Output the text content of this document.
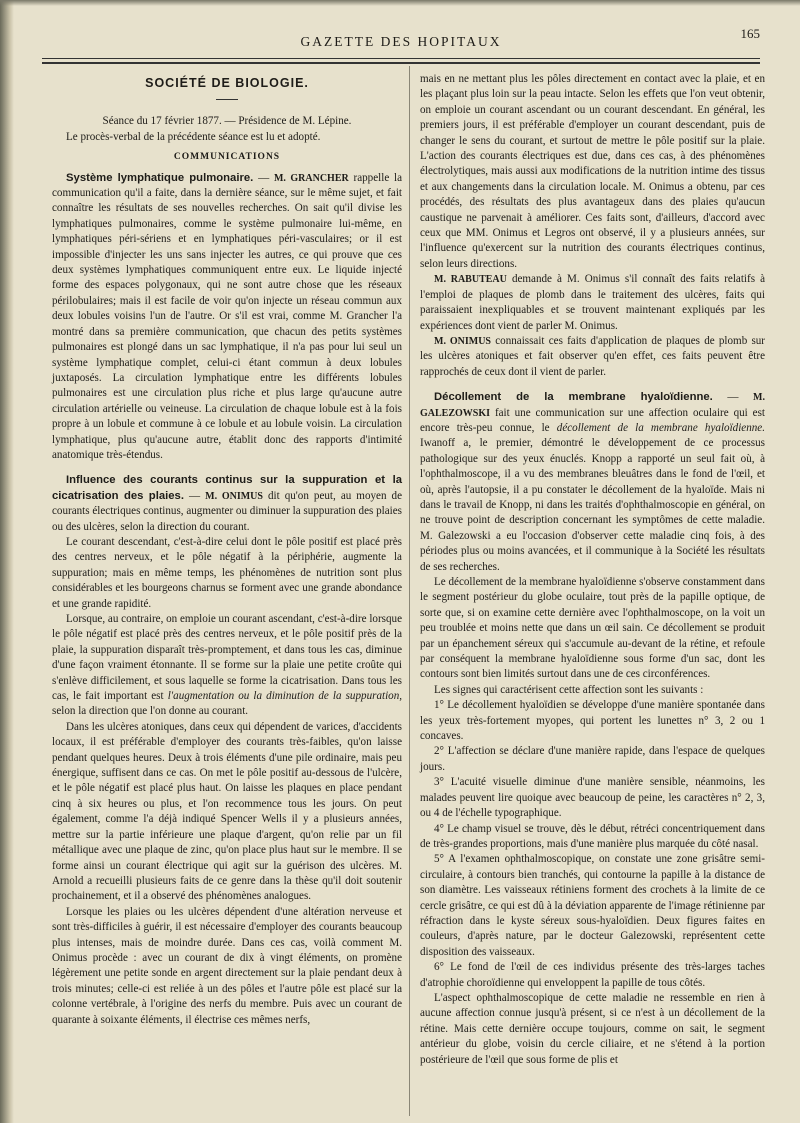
GAZETTE DES HOPITAUX
165
SOCIÉTÉ DE BIOLOGIE.

Séance du 17 février 1877. — Présidence de M. Lépine.

Le procès-verbal de la précédente séance est lu et adopté.

COMMUNICATIONS

Système lymphatique pulmonaire. — M. GRANCHER rappelle la communication qu'il a faite, dans la dernière séance, sur le même sujet, et fait connaître les résultats de ses nouvelles recherches. On sait qu'il divise les lymphatiques pulmonaires, comme le système pulmonaire lui-même, en lymphatiques péri-sériens et en lymphatiques péri-vasculaires; or il est impossible d'injecter les uns sans injecter les autres, ce qui prouve que ces deux systèmes lymphatiques communiquent entre eux. Le liquide injecté forme des espaces polygonaux, qui ne sont autre chose que les réseaux périlobulaires; mais il est facile de voir qu'on injecte un réseau commun aux deux lobules voisins l'un de l'autre. Or s'il est vrai, comme M. Grancher l'a montré dans sa première communication, que chacun des petits systèmes pulmonaires est plongé dans un sac lymphatique, il n'a pas pour lui seul un système lymphatique complet, celui-ci étant commun à deux lobules juxtaposés. La circulation lymphatique entre les différents lobules pulmonaires est une circulation plus riche et plus large qu'aucune autre circulation artérielle ou veineuse. La circulation de chaque lobule est à la fois propre à un lobule et commune à ce lobule et au lobule voisin. La circulation lymphatique, plus qu'aucune autre, établit donc des rapports d'intimité anatomique très-étendus.

Influence des courants continus sur la suppuration et la cicatrisation des plaies. — M. ONIMUS dit qu'on peut, au moyen de courants électriques continus, augmenter ou diminuer la suppuration des plaies ou des ulcères, selon la direction du courant.

Le courant descendant, c'est-à-dire celui dont le pôle positif est placé près des centres nerveux, et le pôle négatif à la périphérie, augmente la suppuration; mais en même temps, les phénomènes de nutrition sont plus considérables et les bourgeons charnus se forment avec une grande abondance et une grande rapidité.

Lorsque, au contraire, on emploie un courant ascendant, c'est-à-dire lorsque le pôle négatif est placé près des centres nerveux, et le pôle positif près de la plaie, la suppuration disparaît très-promptement, et dans tous les cas, diminue d'une façon vraiment étonnante. Il se forme sur la plaie une petite croûte qui s'enlève difficilement, et sous laquelle se forme la cicatrisation. Dans tous les cas, le fait important est l'augmentation ou la diminution de la suppuration, selon la direction que l'on donne au courant.

Dans les ulcères atoniques, dans ceux qui dépendent de varices, d'accidents locaux, il est préférable d'employer des courants très-faibles, qu'on laisse pendant quelques heures. Deux à trois éléments d'une pile ordinaire, mais peu énergique, suffisent dans ce cas. On met le pôle positif au-dessous de l'ulcère, et le pôle négatif est placé plus haut. On laisse les plaques en place pendant cinq à six heures ou plus, et l'on recommence tous les jours. On peut également, comme l'a déjà indiqué Spencer Wells il y a plusieurs années, mettre sur la partie inférieure une plaque d'argent, qu'on relie par un fil métallique avec une plaque de zinc, qu'on place plus haut sur le membre. Il se forme ainsi un courant électrique qui agit sur la guérison des ulcères. M. Arnold a recueilli plusieurs faits de ce genre dans la thèse qu'il doit soutenir prochainement, et il a observé des phénomènes analogues.

Lorsque les plaies ou les ulcères dépendent d'une altération nerveuse et sont très-difficiles à guérir, il est nécessaire d'employer des courants beaucoup plus intenses, mais de moindre durée. Dans ces cas, voilà comment M. Onimus procède : avec un courant de dix à vingt éléments, on promène légèrement une petite sonde en argent directement sur la plaie pendant deux à trois minutes; celle-ci est reliée à un des pôles et l'autre pôle est placé sur la colonne vertébrale, à l'origine des nerfs du membre. Puis avec un courant de quarante à soixante éléments, il électrise ces mêmes nerfs,

mais en ne mettant plus les pôles directement en contact avec la plaie, et en les plaçant plus loin sur la peau intacte. Selon les effets que l'on veut obtenir, on emploie un courant ascendant ou un courant descendant. En général, les premiers jours, il est préférable d'employer un courant descendant, puis de changer le sens du courant, et surtout de mettre le pôle positif sur la plaie. L'action des courants électriques est due, dans ces cas, à des phénomènes électrolytiques, mais aussi aux modifications de la nutrition intime des tissus et aux changements dans la circulation locale. M. Onimus a obtenu, par ces procédés, des résultats des plus avantageux dans des plaies qu'aucun caustique ne parvenait à améliorer. Ces faits sont, d'ailleurs, d'accord avec ceux que MM. Onimus et Legros ont observé, il y a plusieurs années, sur l'influence qu'exercent sur la nutrition des courants électriques continus, selon leurs directions.

M. RABUTEAU demande à M. Onimus s'il connaît des faits relatifs à l'emploi de plaques de plomb dans le traitement des ulcères, faits qui paraissaient inexpliquables et se trouvent maintenant expliqués par les expériences dont vient de parler M. Onimus.

M. ONIMUS connaissait ces faits d'application de plaques de plomb sur les ulcères atoniques et fait observer qu'en effet, ces faits peuvent être rapprochés de ceux dont il vient de parler.

Décollement de la membrane hyaloïdienne. — M. GALEZOWSKI fait une communication sur une affection oculaire qui est encore très-peu connue, le décollement de la membrane hyaloïdienne. Iwanoff a, le premier, démontré le développement de ce processus pathologique sur des yeux énuclés. Knopp a rapporté un seul fait où, à l'ophthalmoscope, il a vu des membranes bleuâtres dans le fond de l'œil, et où, après l'autopsie, il a pu constater le décollement de la hyaloïde. Mais ni dans le travail de Knopp, ni dans les traités d'ophthalmoscopie en général, on ne trouve point de description concernant les symptômes de cette maladie. M. Galezowski a eu l'occasion d'observer cette maladie cinq fois, à des périodes plus ou moins avancées, et il communique à la Société les résultats de ses recherches.

Le décollement de la membrane hyaloïdienne s'observe constamment dans le segment postérieur du globe oculaire, tout près de la papille optique, de sorte que, si on examine cette dernière avec l'ophthalmoscope, on la voit un peu troublée et moins nette que dans un œil sain. Ce décollement se produit par un épanchement séreux qui s'accumule au-devant de la rétine, et refoule par conséquent la membrane hyaloïdienne sous forme d'un sac, dont les contours sont bien limités surtout dans une de ces circonférences.

Les signes qui caractérisent cette affection sont les suivants :

1° Le décollement hyaloïdien se développe d'une manière spontanée dans les yeux très-fortement myopes, qui portent les lunettes n° 3, 2 ou 1 concaves.

2° L'affection se déclare d'une manière rapide, dans l'espace de quelques jours.

3° L'acuité visuelle diminue d'une manière sensible, néanmoins, les malades peuvent lire quoique avec beaucoup de peine, les caractères n° 2, 3, ou 4 de l'échelle typographique.

4° Le champ visuel se trouve, dès le début, rétréci concentriquement dans de très-grandes proportions, mais d'une manière plus marquée du côté nasal.

5° A l'examen ophthalmoscopique, on constate une zone grisâtre semi-circulaire, à contours bien tranchés, qui contourne la papille à la distance de son diamètre. Les vaisseaux rétiniens forment des crochets à la limite de ce cercle grisâtre, ce qui est dû à la déviation apparente de l'image rétinienne par réfraction dans le kyste séreux sous-hyaloïdien. Deux figures faites en couleurs, d'après nature, par le docteur Galezowski, représentent cette disposition des vaisseaux.

6° Le fond de l'œil de ces individus présente des très-larges taches d'atrophie choroïdienne qui enveloppent la papille de tous côtés.

L'aspect ophthalmoscopique de cette maladie ne ressemble en rien à aucune affection connue jusqu'à présent, si ce n'est à un décollement de la rétine. Mais cette dernière occupe toujours, comme on sait, le segment antérieur du globe, voisin du cercle ciliaire, et ne s'étend à la portion postérieure de l'œil que sous forme de plis et
